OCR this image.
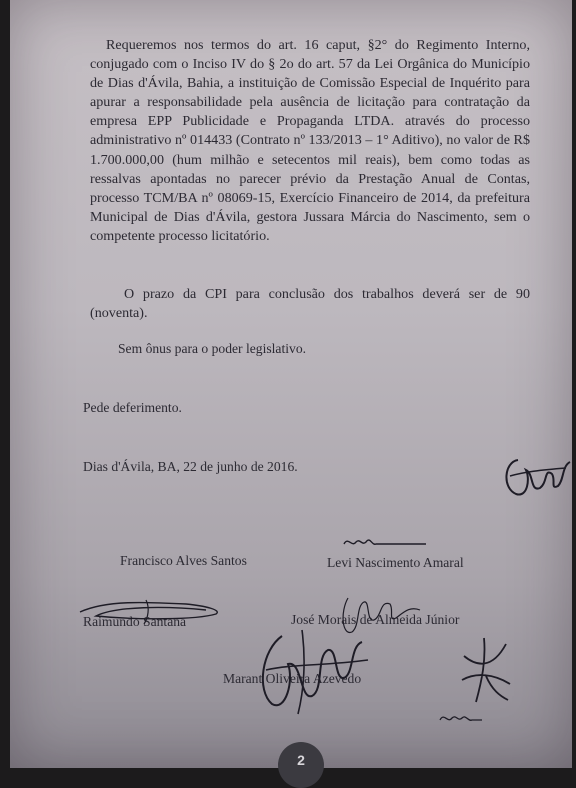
Requeremos nos termos do art. 16 caput, §2° do Regimento Interno, conjugado com o Inciso IV do § 2o do art. 57 da Lei Orgânica do Município de Dias d'Ávila, Bahia, a instituição de Comissão Especial de Inquérito para apurar a responsabilidade pela ausência de licitação para contratação da empresa EPP Publicidade e Propaganda LTDA. através do processo administrativo nº 014433 (Contrato nº 133/2013 – 1° Aditivo), no valor de R$ 1.700.000,00 (hum milhão e setecentos mil reais), bem como todas as ressalvas apontadas no parecer prévio da Prestação Anual de Contas, processo TCM/BA nº 08069-15, Exercício Financeiro de 2014, da prefeitura Municipal de Dias d'Ávila, gestora Jussara Márcia do Nascimento, sem o competente processo licitatório.

O prazo da CPI para conclusão dos trabalhos deverá ser de 90 (noventa).

Sem ônus para o poder legislativo.

Pede deferimento.

Dias d'Ávila, BA, 22 de junho de 2016.

Francisco Alves Santos	Levi Nascimento Amaral

Raimundo Santana	José Morais de Almeida Júnior

Marant Oliveira Azevedo

2
